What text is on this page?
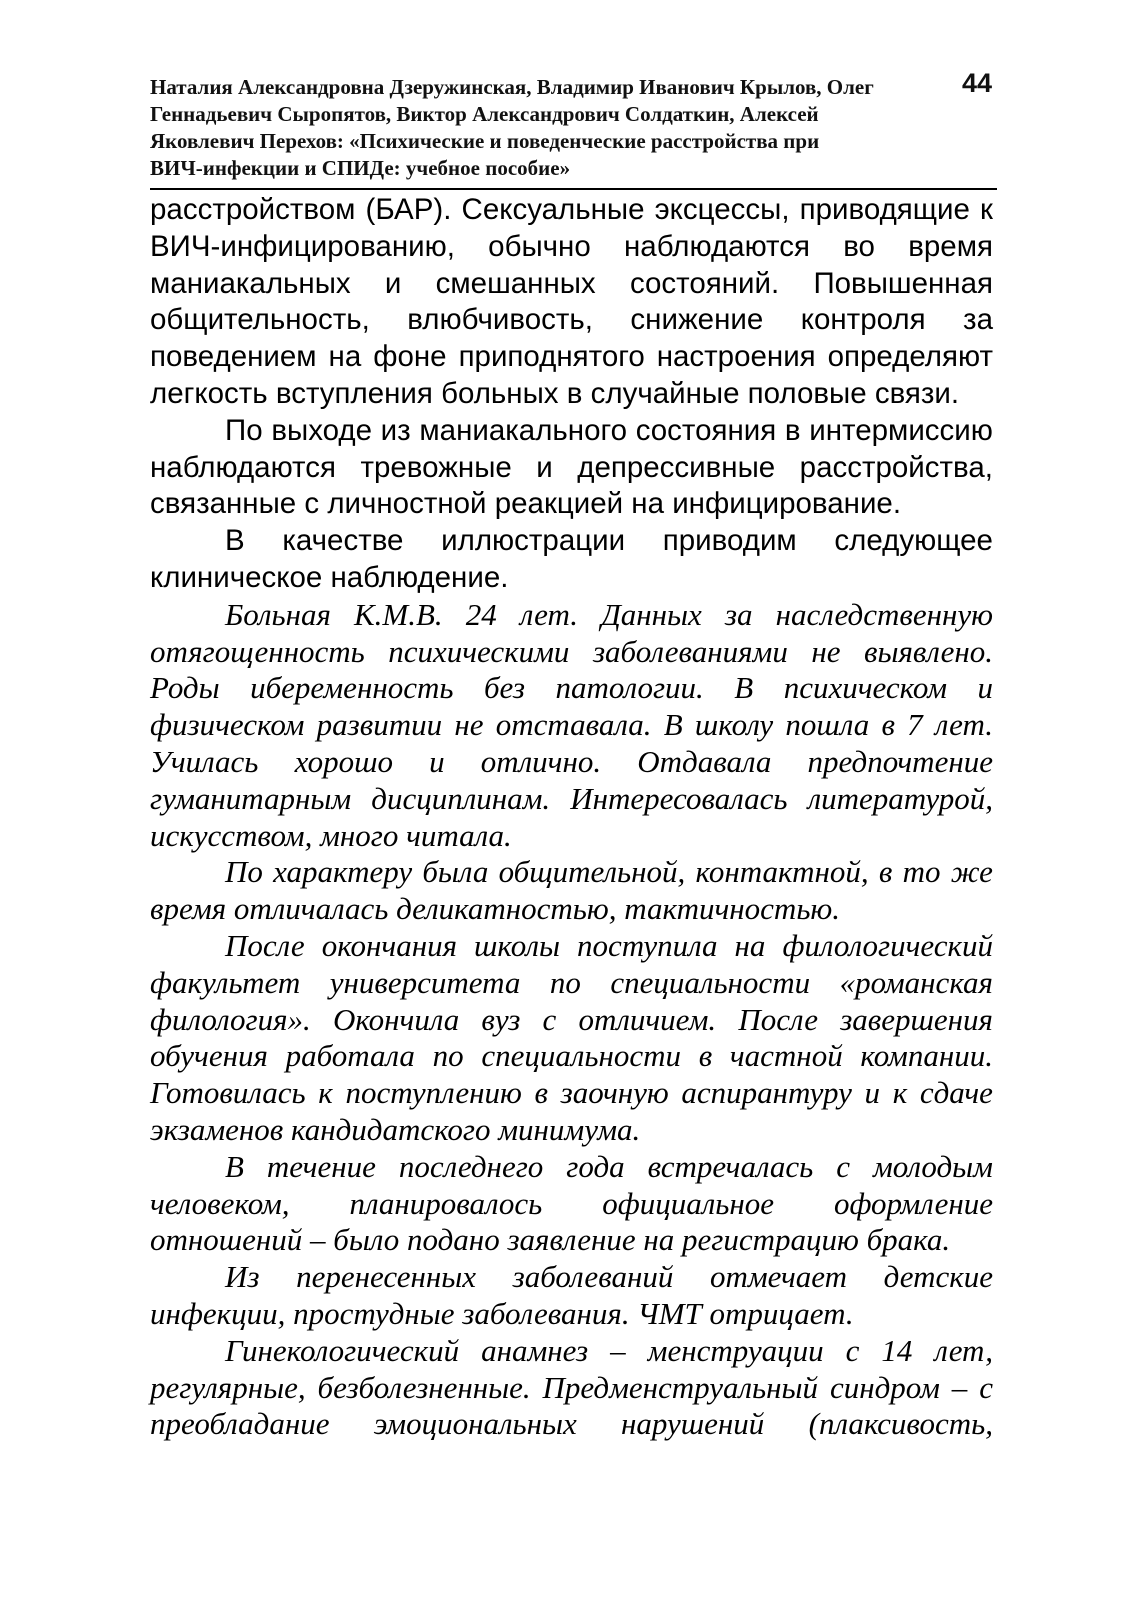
Наталия Александровна Дзеружинская, Владимир Иванович Крылов, Олег
Геннадьевич Сыропятов, Виктор Александрович Солдаткин, Алексей
Яковлевич Перехов: «Психические и поведенческие расстройства при
ВИЧ-инфекции и СПИДе: учебное пособие»
44
расстройством (БАР). Сексуальные эксцессы, приводящие к
ВИЧ-инфицированию, обычно наблюдаются во время
маниакальных и смешанных состояний. Повышенная
общительность, влюбчивость, снижение контроля за
поведением на фоне приподнятого настроения определяют
легкость вступления больных в случайные половые связи.
По выходе из маниакального состояния в интермиссию
наблюдаются тревожные и депрессивные расстройства,
связанные с личностной реакцией на инфицирование.
В качестве иллюстрации приводим следующее
клиническое наблюдение.
Больная К.М.В. 24 лет. Данных за наследственную
отягощенность психическими заболеваниями не выявлено.
Роды ибеременность без патологии. В психическом и
физическом развитии не отставала. В школу пошла в 7 лет.
Училась хорошо и отлично. Отдавала предпочтение
гуманитарным дисциплинам. Интересовалась литературой,
искусством, много читала.
По характеру была общительной, контактной, в то же
время отличалась деликатностью, тактичностью.
После окончания школы поступила на филологический
факультет университета по специальности «романская
филология». Окончила вуз с отличием. После завершения
обучения работала по специальности в частной компании.
Готовилась к поступлению в заочную аспирантуру и к сдаче
экзаменов кандидатского минимума.
В течение последнего года встречалась с молодым
человеком, планировалось официальное оформление
отношений – было подано заявление на регистрацию брака.
Из перенесенных заболеваний отмечает детские
инфекции, простудные заболевания. ЧМТ отрицает.
Гинекологический анамнез – менструации с 14 лет,
регулярные, безболезненные. Предменструальный синдром – с
преобладание эмоциональных нарушений (плаксивость,
